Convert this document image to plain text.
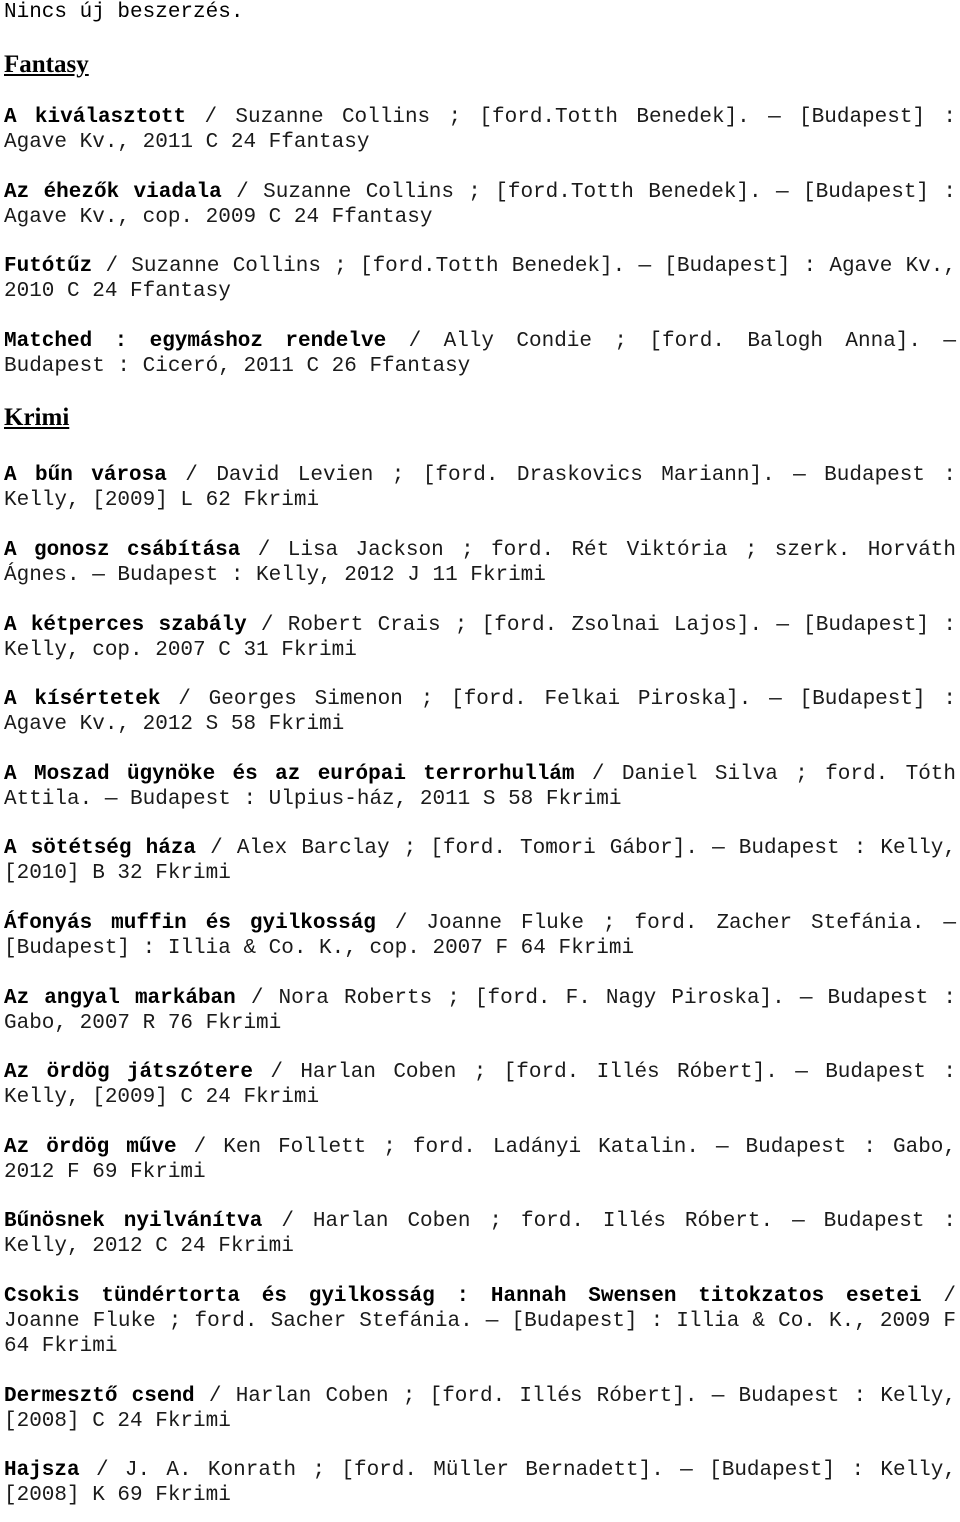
Nincs új beszerzés.

Fantasy

A kiválasztott / Suzanne Collins ; [ford.Totth Benedek]. — [Budapest] : Agave Kv., 2011 C 24 Ffantasy

Az éhezők viadala / Suzanne Collins ; [ford.Totth Benedek]. — [Budapest] : Agave Kv., cop. 2009 C 24 Ffantasy

Futótűz / Suzanne Collins ; [ford.Totth Benedek]. — [Budapest] : Agave Kv., 2010 C 24 Ffantasy

Matched : egymáshoz rendelve / Ally Condie ; [ford. Balogh Anna]. — Budapest : Ciceró, 2011 C 26 Ffantasy

Krimi

A bűn városa / David Levien ; [ford. Draskovics Mariann]. — Budapest : Kelly, [2009] L 62 Fkrimi

A gonosz csábítása / Lisa Jackson ; ford. Rét Viktória ; szerk. Horváth Ágnes. — Budapest : Kelly, 2012 J 11 Fkrimi

A kétperces szabály / Robert Crais ; [ford. Zsolnai Lajos]. — [Budapest] : Kelly, cop. 2007 C 31 Fkrimi

A kísértetek / Georges Simenon ; [ford. Felkai Piroska]. — [Budapest] : Agave Kv., 2012 S 58 Fkrimi

A Moszad ügynöke és az európai terrorhullám / Daniel Silva ; ford. Tóth Attila. — Budapest : Ulpius-ház, 2011 S 58 Fkrimi

A sötétség háza / Alex Barclay ; [ford. Tomori Gábor]. — Budapest : Kelly, [2010] B 32 Fkrimi

Áfonyás muffin és gyilkosság / Joanne Fluke ; ford. Zacher Stefánia. — [Budapest] : Illia & Co. K., cop. 2007 F 64 Fkrimi

Az angyal markában / Nora Roberts ; [ford. F. Nagy Piroska]. — Budapest : Gabo, 2007 R 76 Fkrimi

Az ördög játszótere / Harlan Coben ; [ford. Illés Róbert]. — Budapest : Kelly, [2009] C 24 Fkrimi

Az ördög műve / Ken Follett ; ford. Ladányi Katalin. — Budapest : Gabo, 2012 F 69 Fkrimi

Bűnösnek nyilvánítva / Harlan Coben ; ford. Illés Róbert. — Budapest : Kelly, 2012 C 24 Fkrimi

Csokis tündértorta és gyilkosság : Hannah Swensen titokzatos esetei / Joanne Fluke ; ford. Sacher Stefánia. — [Budapest] : Illia & Co. K., 2009 F 64 Fkrimi

Dermesztő csend / Harlan Coben ; [ford. Illés Róbert]. — Budapest : Kelly, [2008] C 24 Fkrimi

Hajsza / J. A. Konrath ; [ford. Müller Bernadett]. — [Budapest] : Kelly, [2008] K 69 Fkrimi
